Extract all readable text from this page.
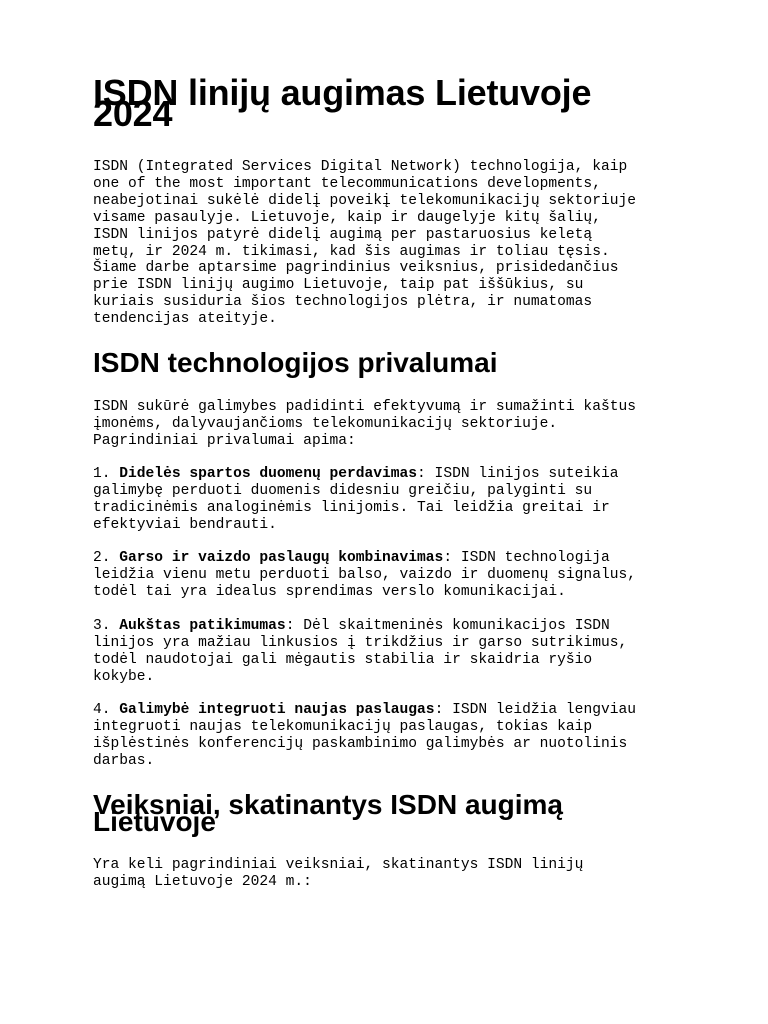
ISDN linijų augimas Lietuvoje 2024

ISDN (Integrated Services Digital Network) technologija, kaip
one of the most important telecommunications developments,
neabejotinai sukėlė didelį poveikį telekomunikacijų sektoriuje
visame pasaulyje. Lietuvoje, kaip ir daugelyje kitų šalių,
ISDN linijos patyrė didelį augimą per pastaruosius keletą
metų, ir 2024 m. tikimasi, kad šis augimas ir toliau tęsis.
Šiame darbe aptarsime pagrindinius veiksnius, prisidedančius
prie ISDN linijų augimo Lietuvoje, taip pat iššūkius, su
kuriais susiduria šios technologijos plėtra, ir numatomas
tendencijas ateityje.

ISDN technologijos privalumai

ISDN sukūrė galimybes padidinti efektyvumą ir sumažinti kaštus
įmonėms, dalyvaujančioms telekomunikacijų sektoriuje.
Pagrindiniai privalumai apima:

1. Didelės spartos duomenų perdavimas: ISDN linijos suteikia
galimybę perduoti duomenis didesniu greičiu, palyginti su
tradicinėmis analoginėmis linijomis. Tai leidžia greitai ir
efektyviai bendrauti.

2. Garso ir vaizdo paslaugų kombinavimas: ISDN technologija
leidžia vienu metu perduoti balso, vaizdo ir duomenų signalus,
todėl tai yra idealus sprendimas verslo komunikacijai.

3. Aukštas patikimumas: Dėl skaitmeninės komunikacijos ISDN
linijos yra mažiau linkusios į trikdžius ir garso sutrikimus,
todėl naudotojai gali mėgautis stabilia ir skaidria ryšio
kokybe.

4. Galimybė integruoti naujas paslaugas: ISDN leidžia lengviau
integruoti naujas telekomunikacijų paslaugas, tokias kaip
išplėstinės konferencijų paskambinimo galimybės ar nuotolinis
darbas.

Veiksniai, skatinantys ISDN augimą Lietuvoje

Yra keli pagrindiniai veiksniai, skatinantys ISDN linijų
augimą Lietuvoje 2024 m.:
